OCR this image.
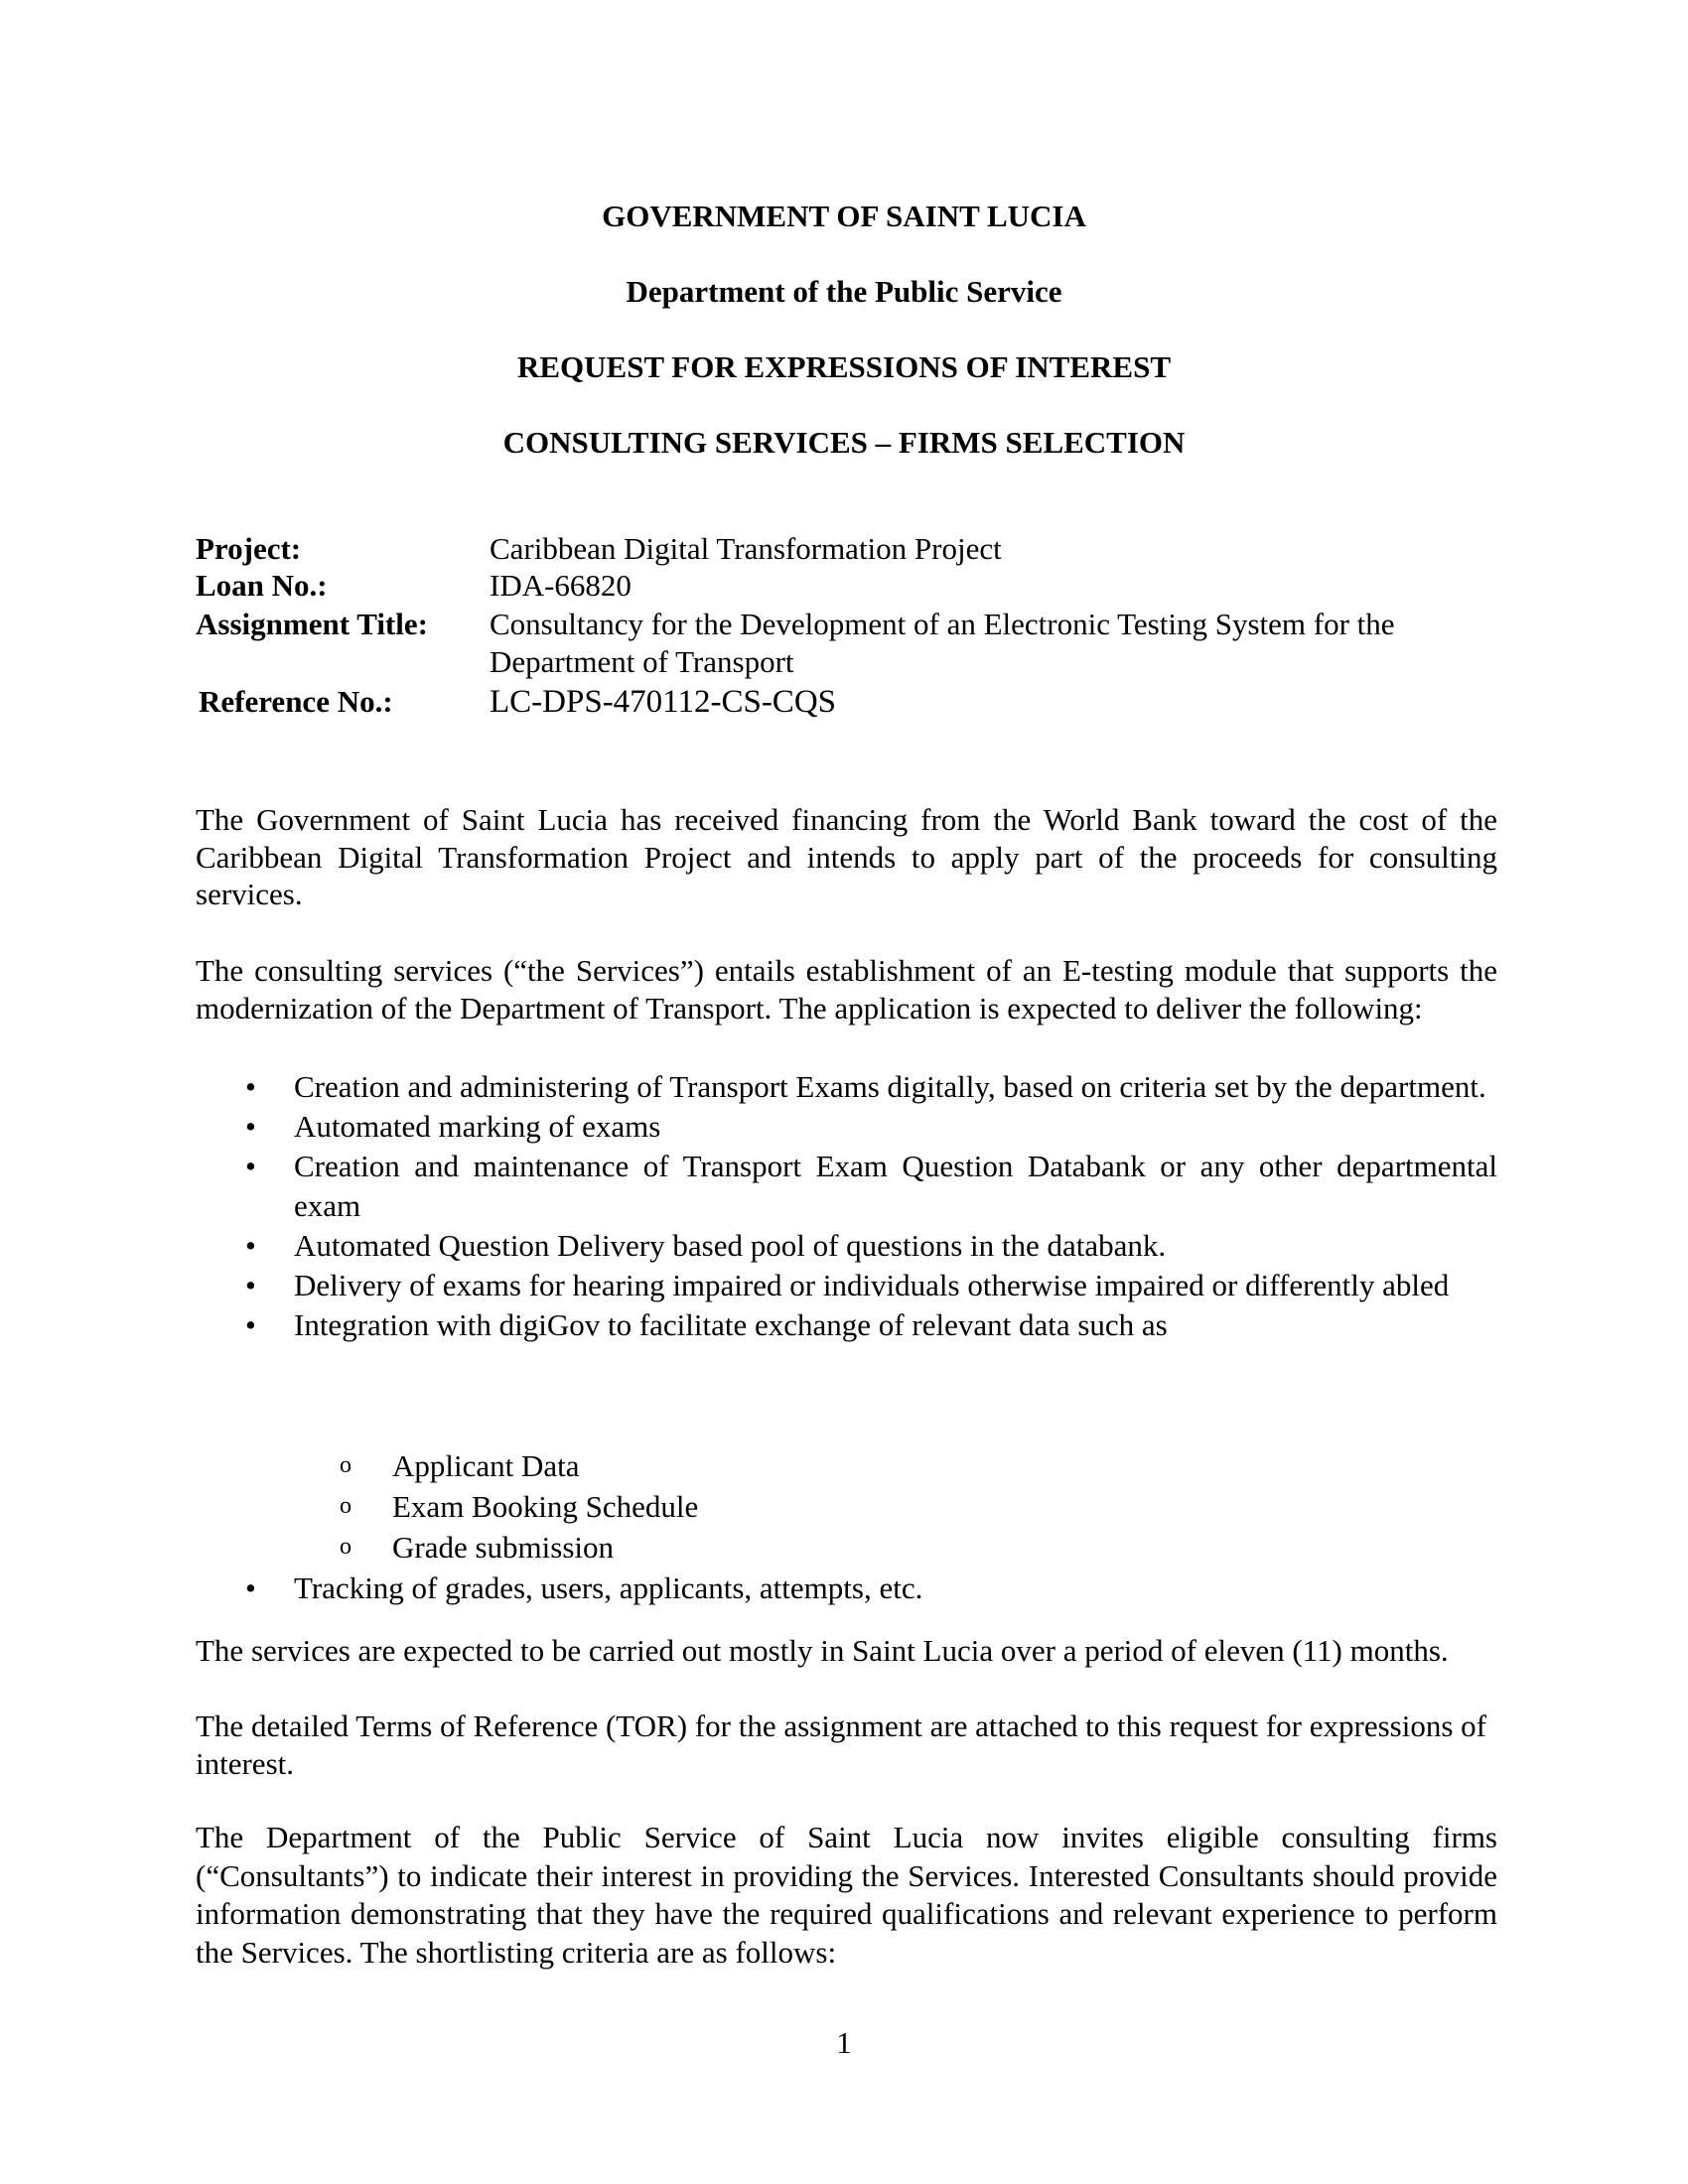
GOVERNMENT OF SAINT LUCIA
Department of the Public Service
REQUEST FOR EXPRESSIONS OF INTEREST
CONSULTING SERVICES – FIRMS SELECTION
Project:	Caribbean Digital Transformation Project
Loan No.:	IDA-66820
Assignment Title: Consultancy for the Development of an Electronic Testing System for the Department of Transport
Reference No.:	LC-DPS-470112-CS-CQS
The Government of Saint Lucia has received financing from the World Bank toward the cost of the Caribbean Digital Transformation Project and intends to apply part of the proceeds for consulting services.
The consulting services (“the Services”) entails establishment of an E-testing module that supports the modernization of the Department of Transport. The application is expected to deliver the following:
• Creation and administering of Transport Exams digitally, based on criteria set by the department.
• Automated marking of exams
• Creation and maintenance of Transport Exam Question Databank or any other departmental exam
• Automated Question Delivery based pool of questions in the databank.
• Delivery of exams for hearing impaired or individuals otherwise impaired or differently abled
• Integration with digiGov to facilitate exchange of relevant data such as
o Applicant Data
o Exam Booking Schedule
o Grade submission
• Tracking of grades, users, applicants, attempts, etc.
The services are expected to be carried out mostly in Saint Lucia over a period of eleven (11) months.
The detailed Terms of Reference (TOR) for the assignment are attached to this request for expressions of interest.
The Department of the Public Service of Saint Lucia now invites eligible consulting firms (“Consultants”) to indicate their interest in providing the Services. Interested Consultants should provide information demonstrating that they have the required qualifications and relevant experience to perform the Services. The shortlisting criteria are as follows:
1
